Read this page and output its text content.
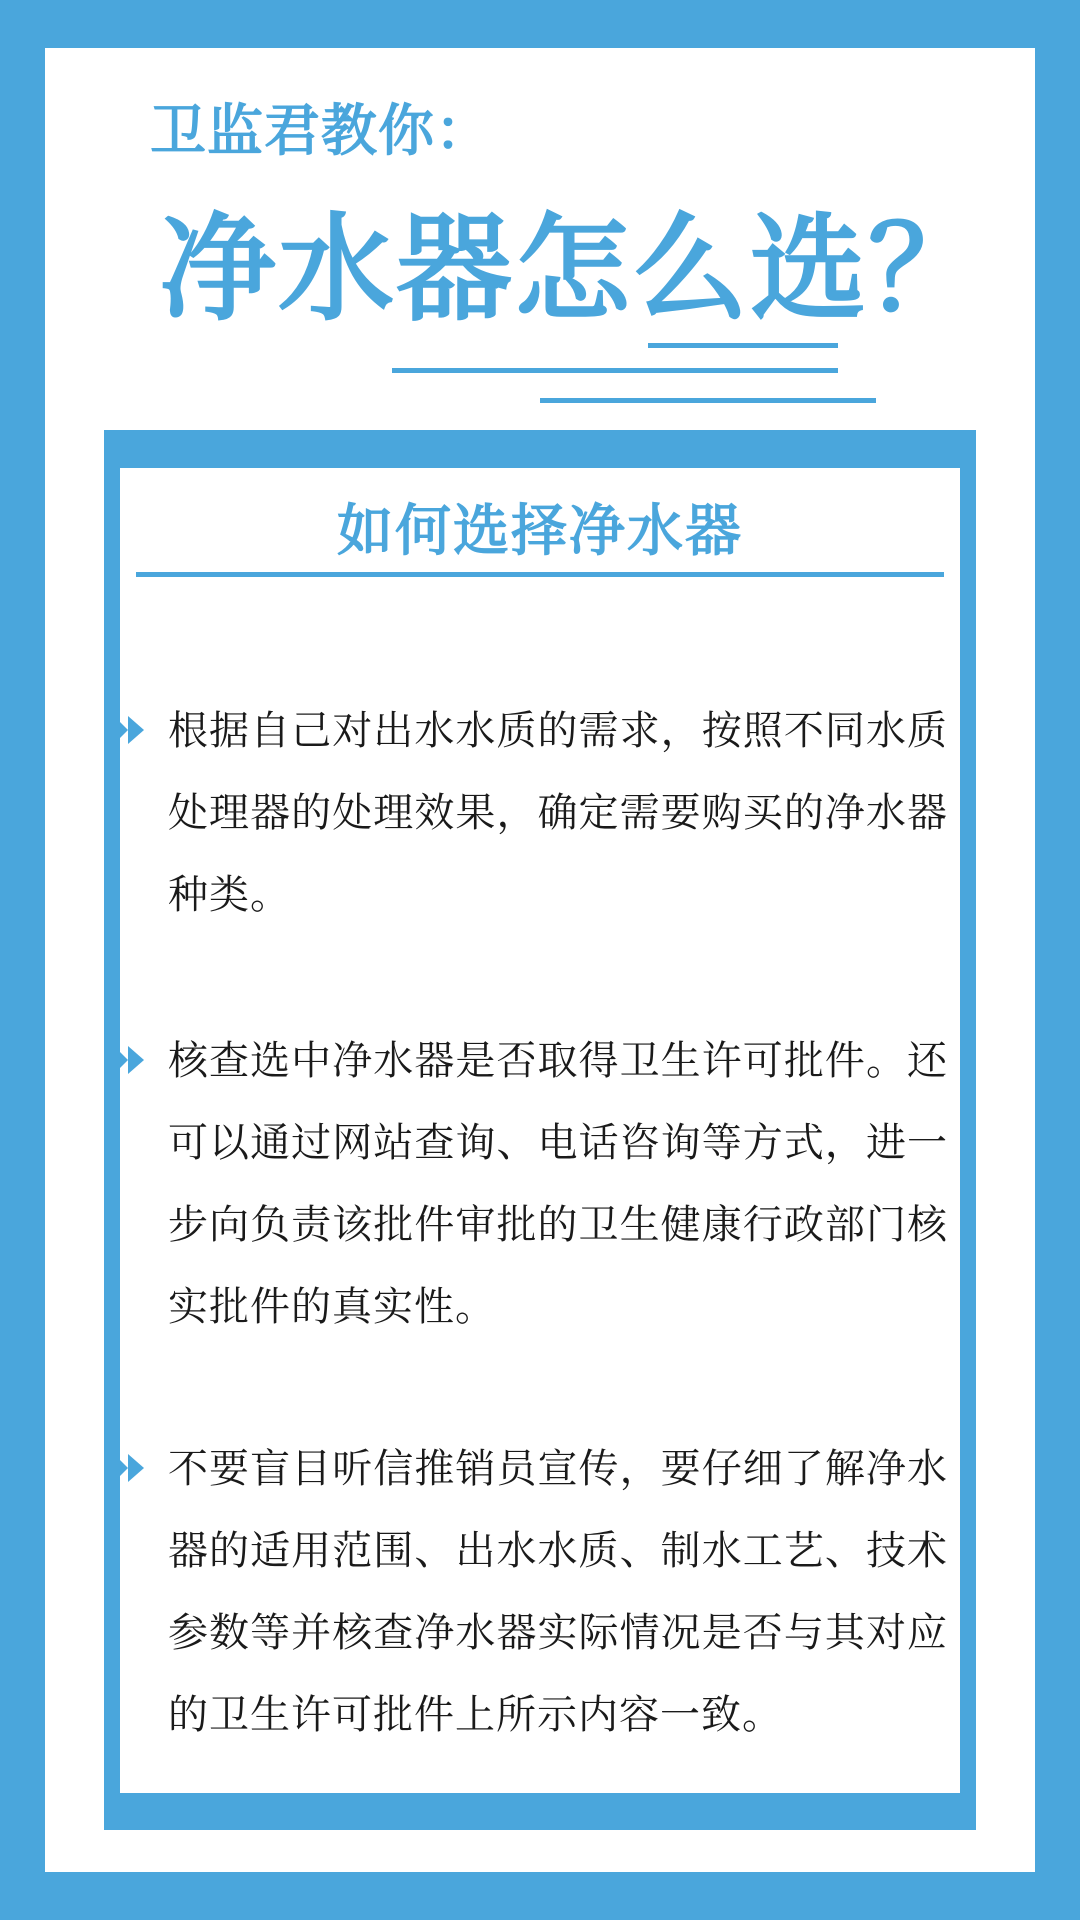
卫监君教你：
净水器怎么选？
如何选择净水器
根据自己对出水水质的需求，按照不同水质处理器的处理效果，确定需要购买的净水器种类。
核查选中净水器是否取得卫生许可批件。还可以通过网站查询、电话咨询等方式，进一步向负责该批件审批的卫生健康行政部门核实批件的真实性。
不要盲目听信推销员宣传，要仔细了解净水器的适用范围、出水水质、制水工艺、技术参数等并核查净水器实际情况是否与其对应的卫生许可批件上所示内容一致。
